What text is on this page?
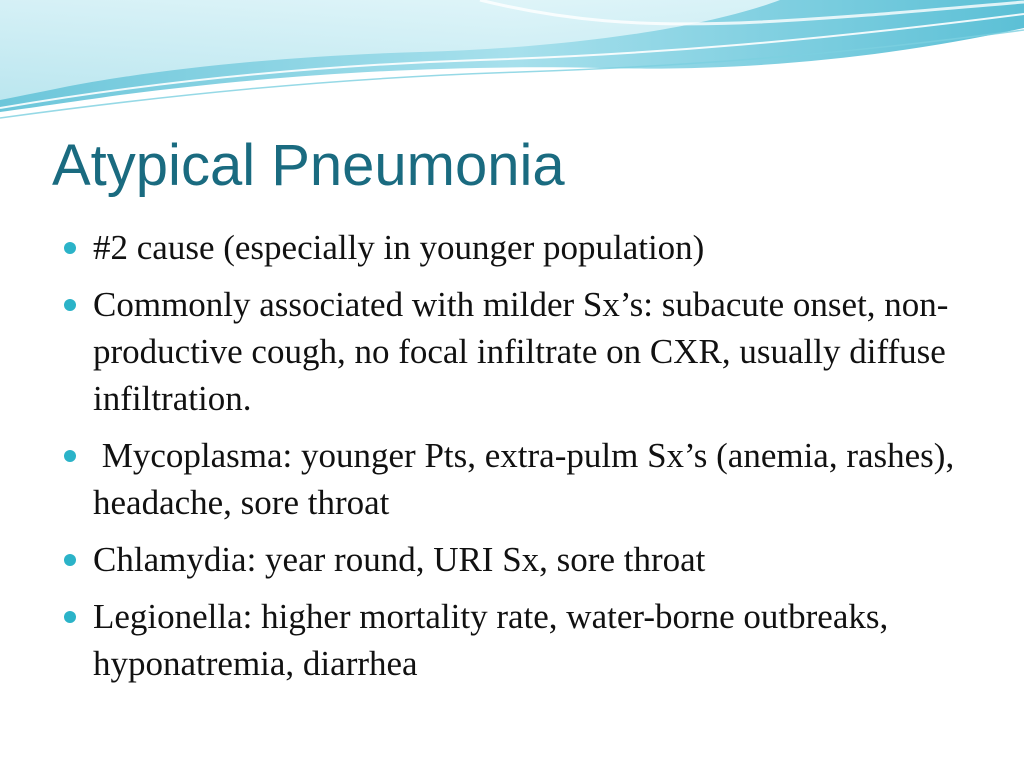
Atypical Pneumonia
#2 cause (especially in younger population)
Commonly associated with milder Sx’s: subacute onset, non-productive cough, no focal infiltrate on CXR, usually diffuse infiltration.
Mycoplasma: younger Pts, extra-pulm Sx’s (anemia, rashes), headache, sore throat
Chlamydia: year round, URI Sx, sore throat
Legionella: higher mortality rate, water-borne outbreaks, hyponatremia, diarrhea
